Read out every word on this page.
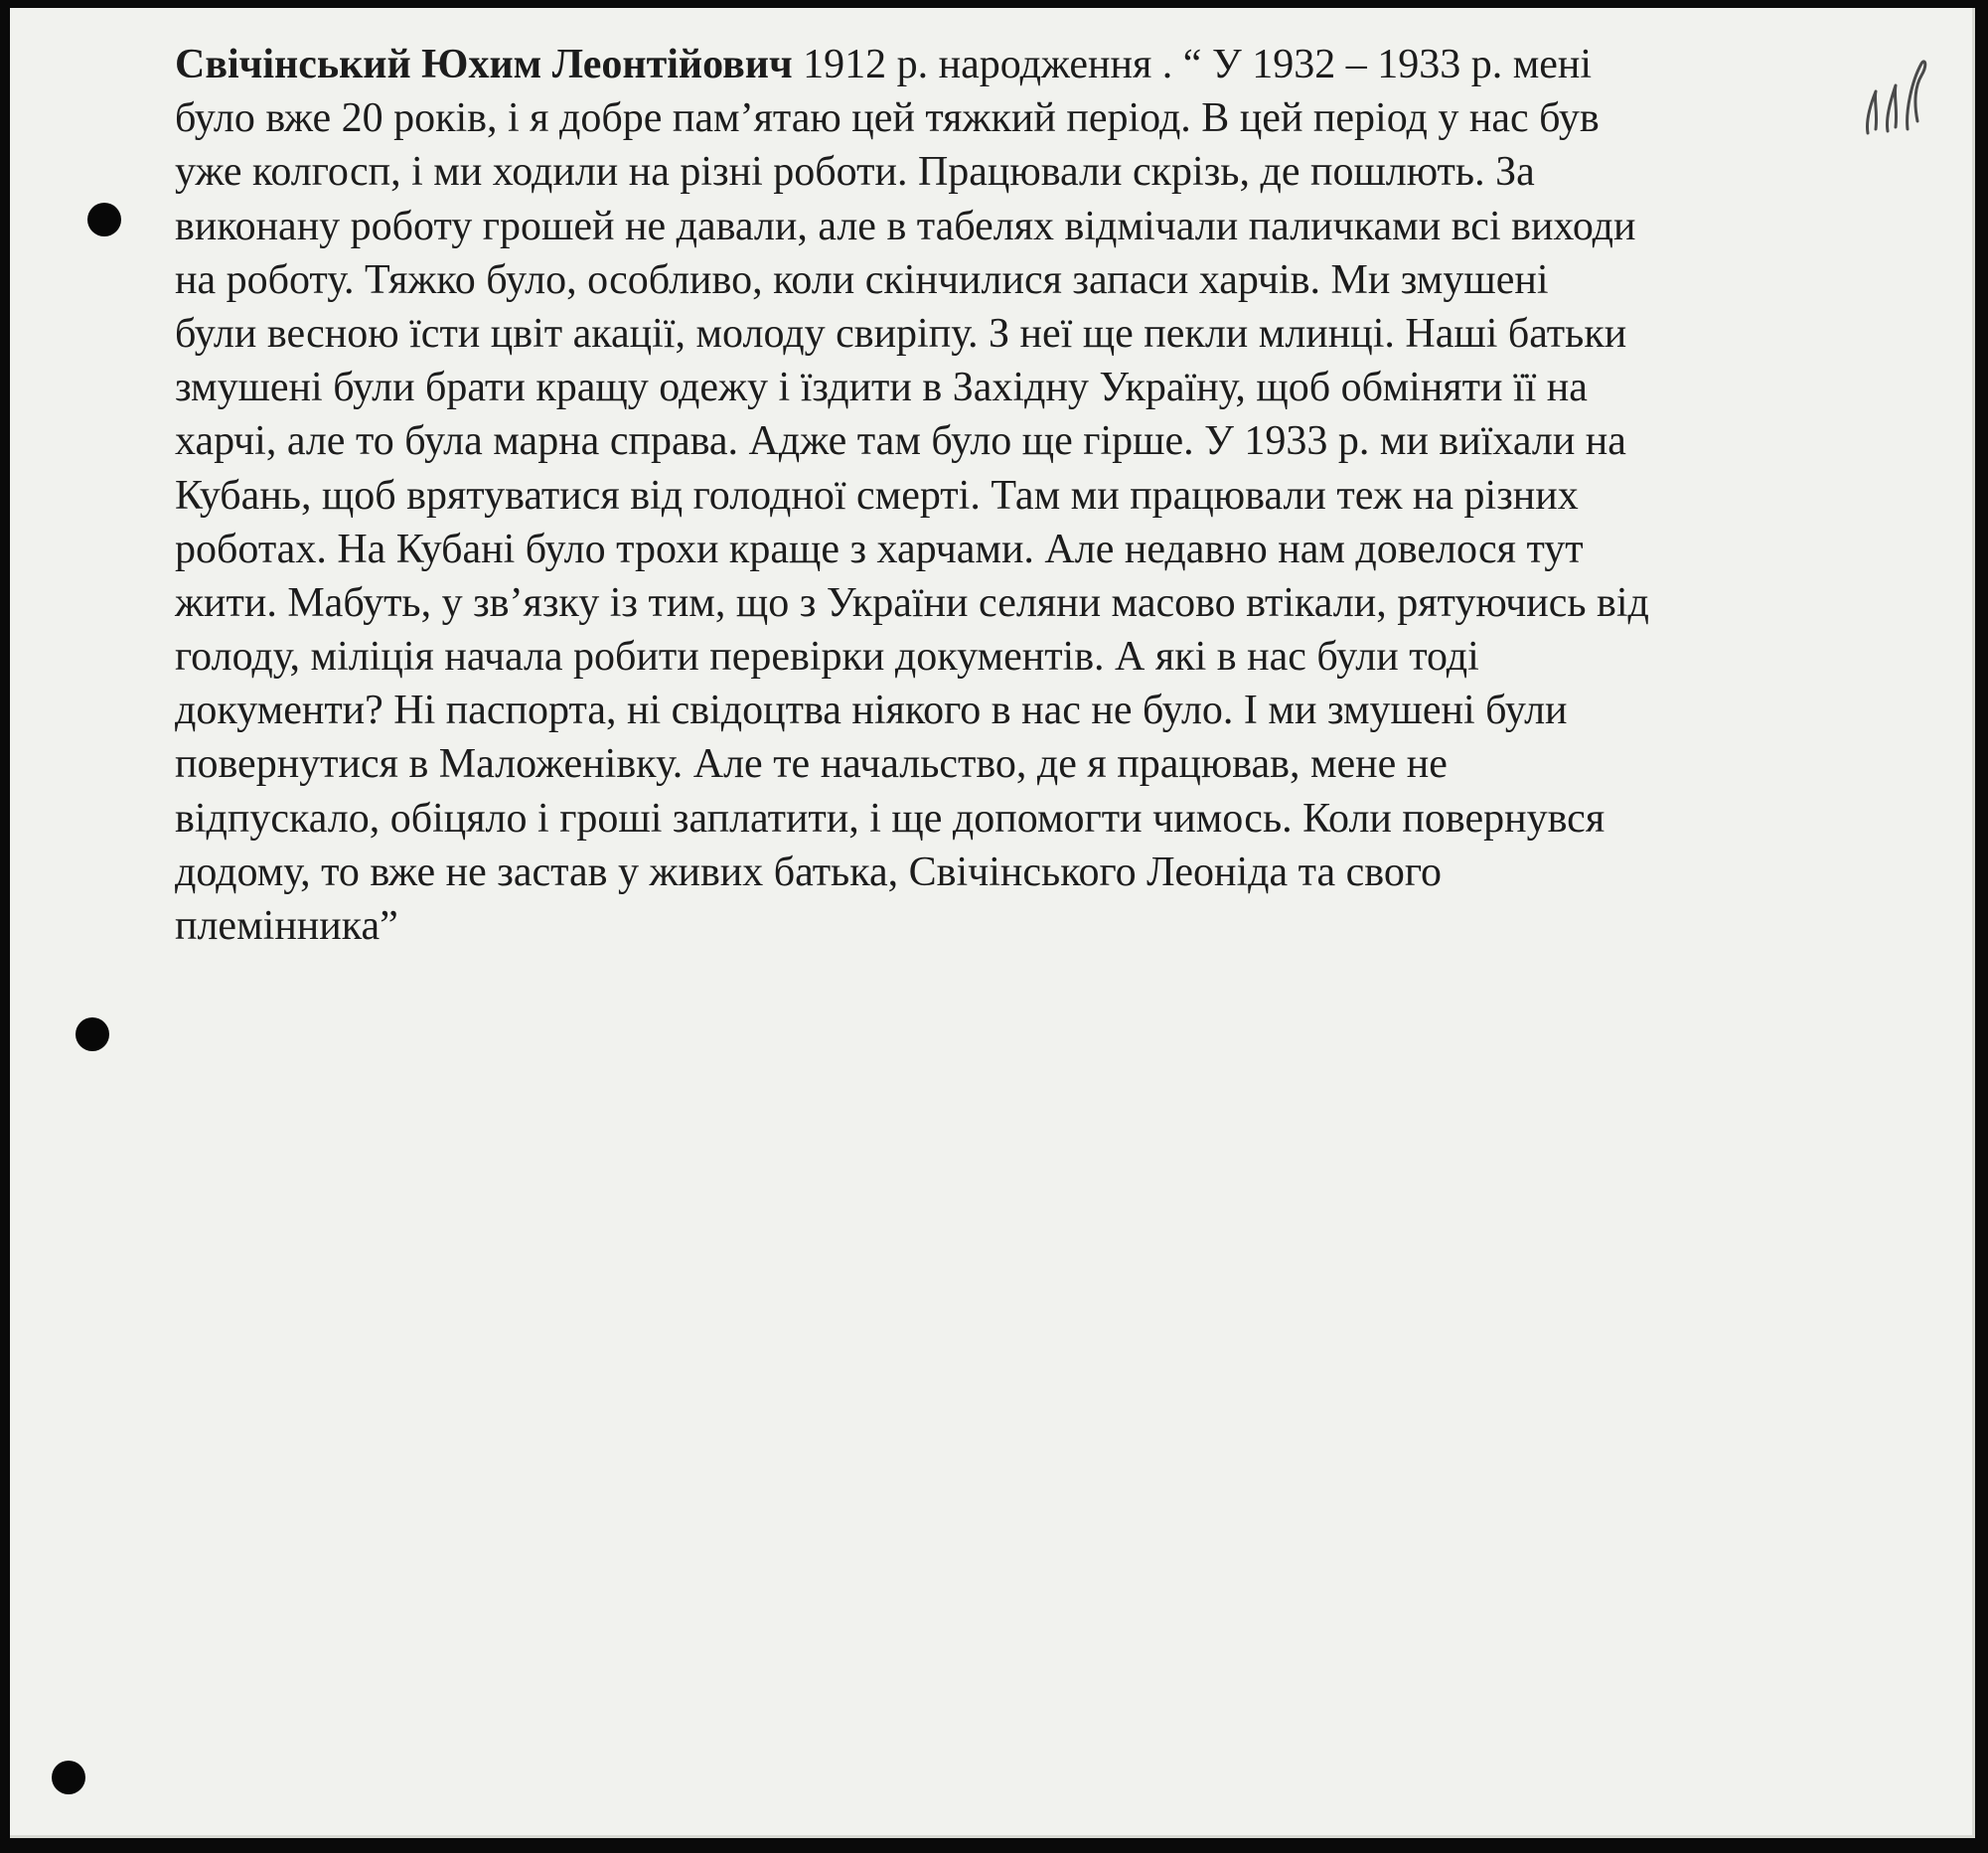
Свічінський Юхим Леонтійович 1912 р. народження . “ У 1932 – 1933 р. мені
було вже 20 років, і я добре пам’ятаю цей тяжкий період. В цей період у нас був
уже колгосп, і ми ходили на різні роботи. Працювали скрізь, де пошлють. За
виконану роботу грошей не давали, але в табелях відмічали паличками всі виходи
на роботу. Тяжко було, особливо, коли скінчилися запаси харчів. Ми змушені
були весною їсти цвіт акації, молоду свиріпу. З неї ще пекли млинці. Наші батьки
змушені були брати кращу одежу і їздити в Західну Україну, щоб обміняти її на
харчі, але то була марна справа. Адже там було ще гірше. У 1933 р. ми виїхали на
Кубань, щоб врятуватися від голодної смерті. Там ми працювали теж на різних
роботах. На Кубані було трохи краще з харчами. Але недавно нам довелося тут
жити. Мабуть, у зв’язку із тим, що з України селяни масово втікали, рятуючись від
голоду, міліція начала робити перевірки документів. А які в нас були тоді
документи? Ні паспорта, ні свідоцтва ніякого в нас не було. І ми змушені були
повернутися в Маложенівку. Але те начальство, де я працював, мене не
відпускало, обіцяло і гроші заплатити, і ще допомогти чимось. Коли повернувся
додому, то вже не застав у живих батька, Свічінського Леоніда та свого
племінника”
